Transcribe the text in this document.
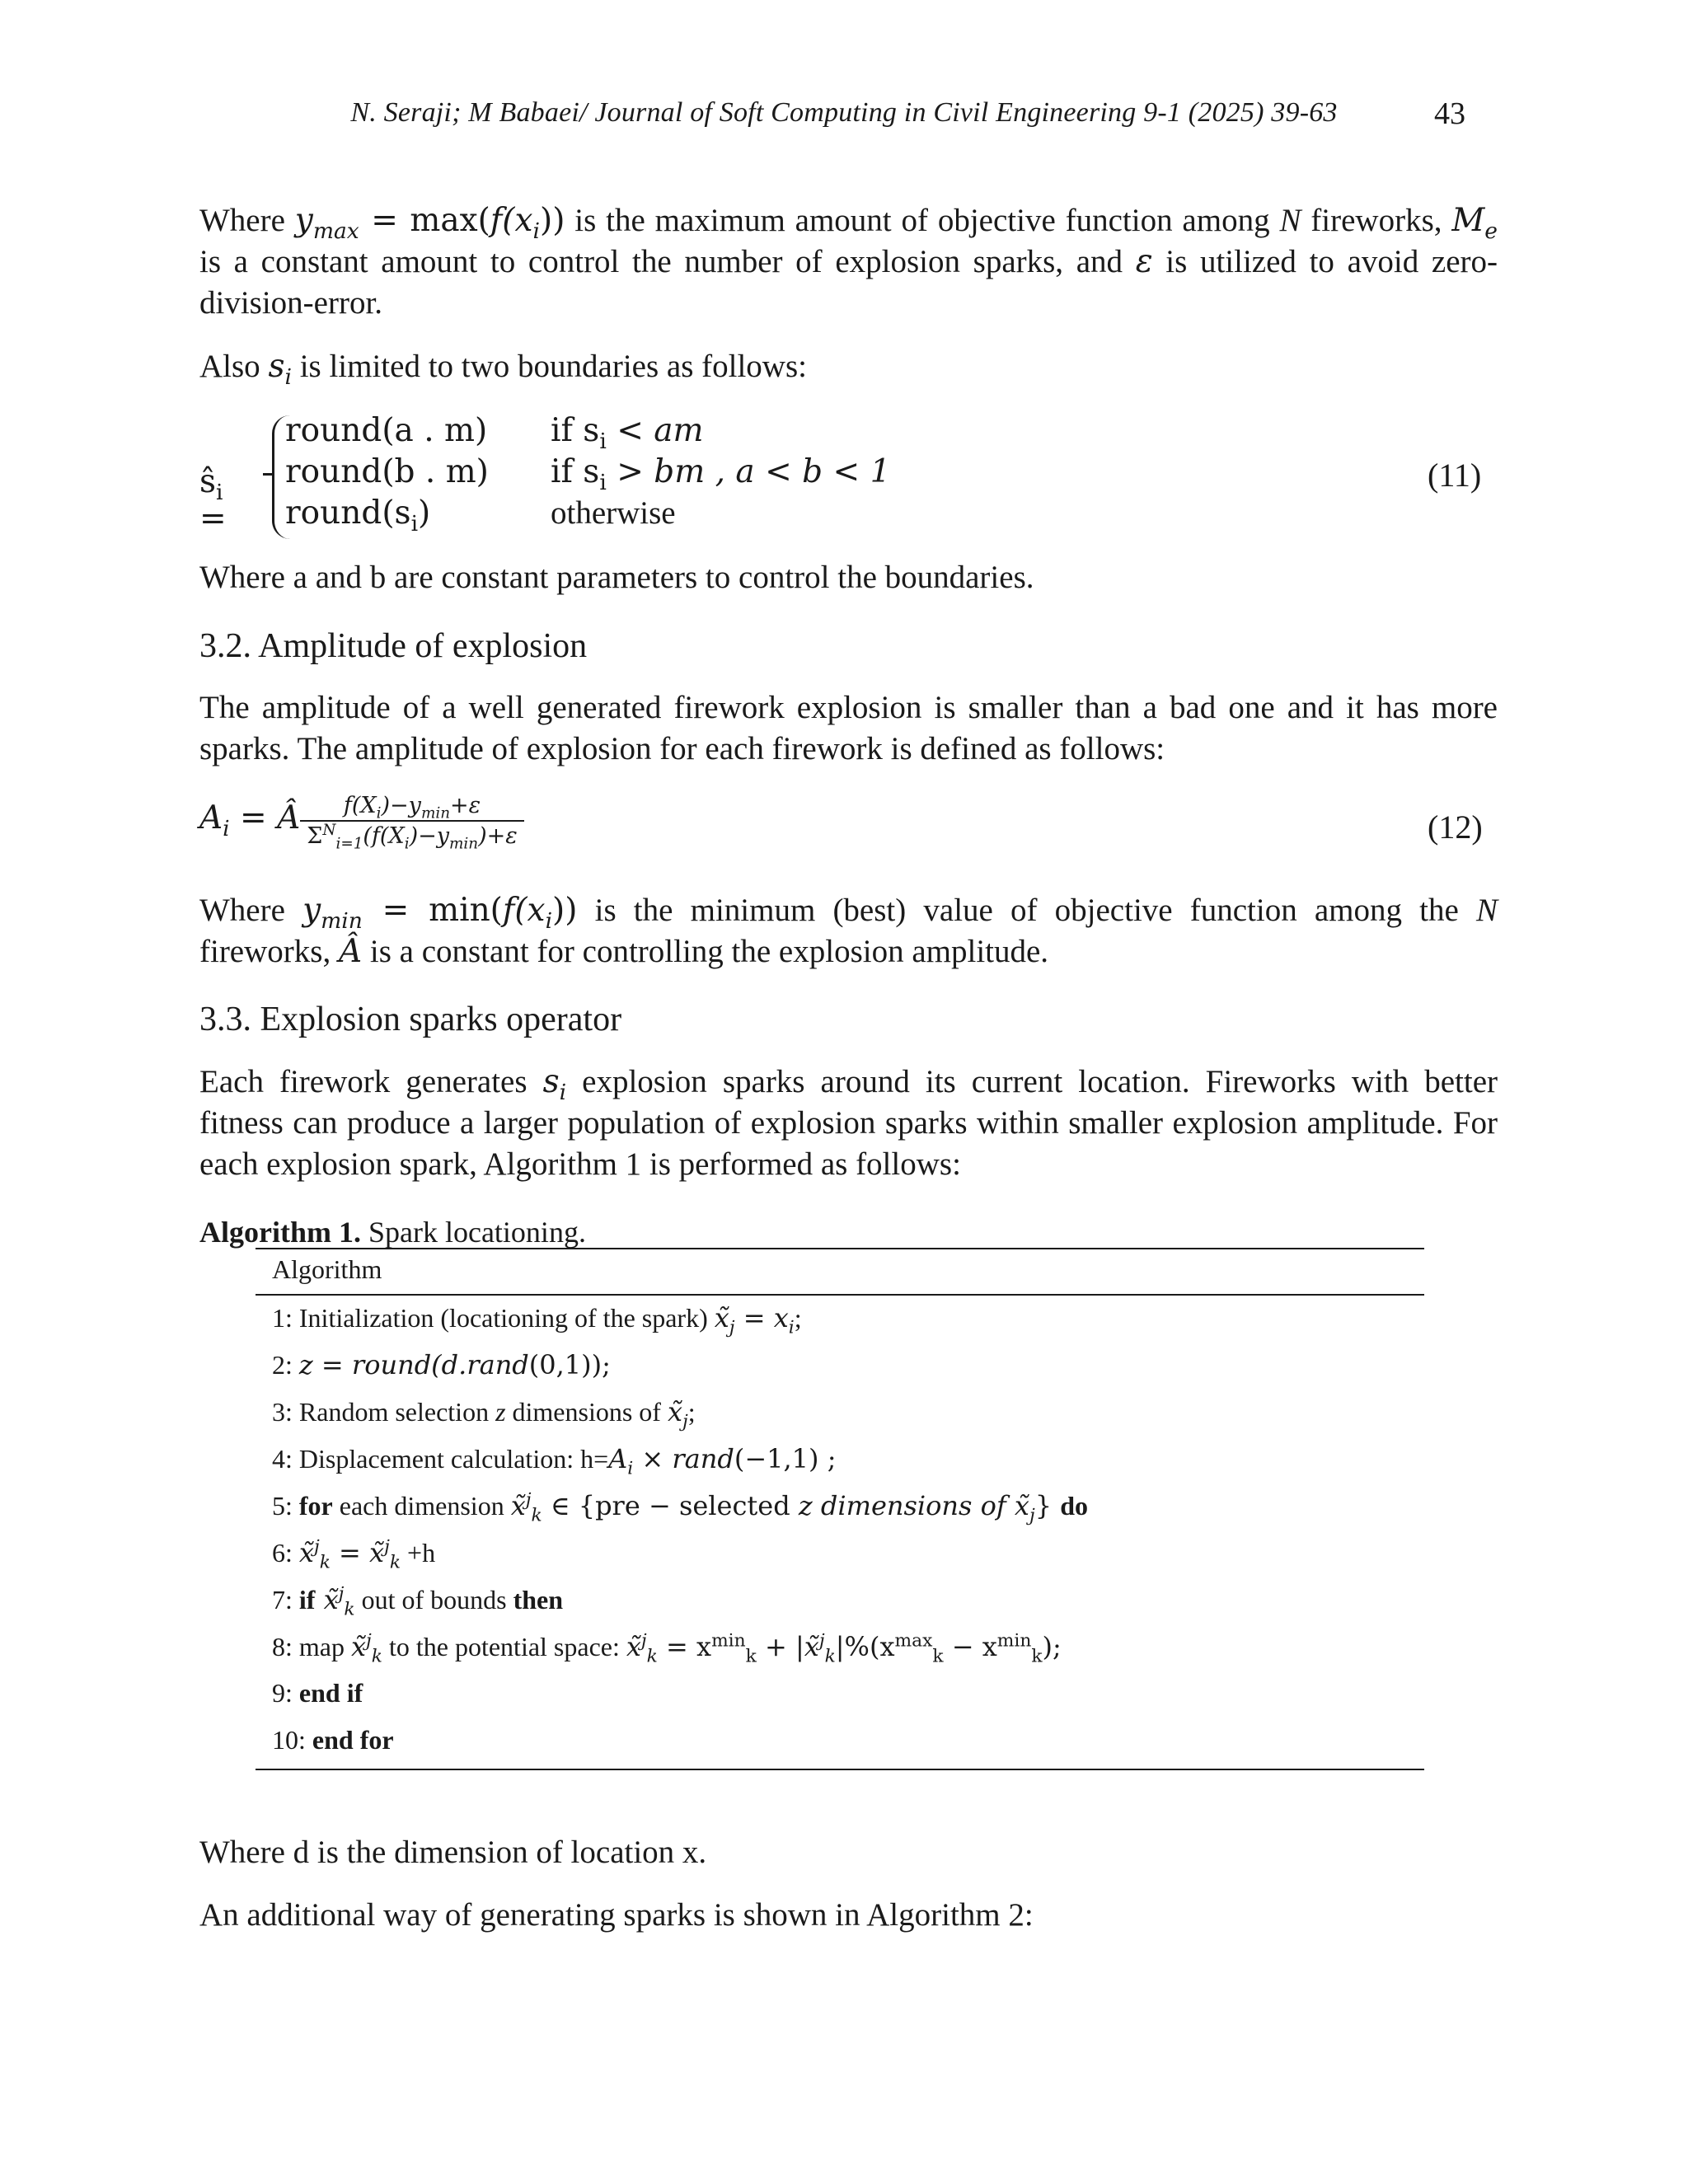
N. Seraji; M Babaei/ Journal of Soft Computing in Civil Engineering 9-1 (2025) 39-63	43
Where $y_{max} = \max(f(x_i))$ is the maximum amount of objective function among N fireworks, $M_e$ is a constant amount to control the number of explosion sparks, and ε is utilized to avoid zero-division-error.
Also $s_i$ is limited to two boundaries as follows:
$ŝ_i$ =
round(a . m) if $s_i$ < am
round(b . m) if $s_i$ > bm , a < b < 1
$round(s_i)$	otherwise
(11)
Where a and b are constant parameters to control the boundaries.
3.2. Amplitude of explosion
The amplitude of a well generated firework explosion is smaller than a bad one and it has more sparks. The amplitude of explosion for each firework is defined as follows:
$A_i$ = Â $\frac{f(X_i)-y_{min}+\varepsilon}{\Sigma^N_{i=1}(f(X_i)-y_{min})+\varepsilon}$	(12)
Where $y_{min} = \min(f(x_i))$ is the minimum (best) value of objective function among the N fireworks, Â is a constant for controlling the explosion amplitude.
3.3. Explosion sparks operator
Each firework generates $s_i$ explosion sparks around its current location. Fireworks with better fitness can produce a larger population of explosion sparks within smaller explosion amplitude. For each explosion spark, Algorithm 1 is performed as follows:
Algorithm 1. Spark locationing.
Algorithm
1: Initialization (locationing of the spark) $x̃_j = x_i$;
2: z = round(d.rand(0,1));
3: Random selection z dimensions of $x̃_j$;
4: Displacement calculation: $h=A_i$ × rand(−1,1) ;
5: for each dimension x̃$^j_k$ ∈ {pre − selected z dimensions of $x̃_j$} do
6: x̃$^j_k$ = x̃$^j_k$ +h
7: if x̃$^j_k$ out of bounds then
8: map x̃$^j_k$ to the potential space: x̃$^j_k$ = $x^{min}_k$ + $|x̃^j_k|\%(x^{max}_k - x^{min}_k)$;
9: end if
10: end for
Where d is the dimension of location x.
An additional way of generating sparks is shown in Algorithm 2:
